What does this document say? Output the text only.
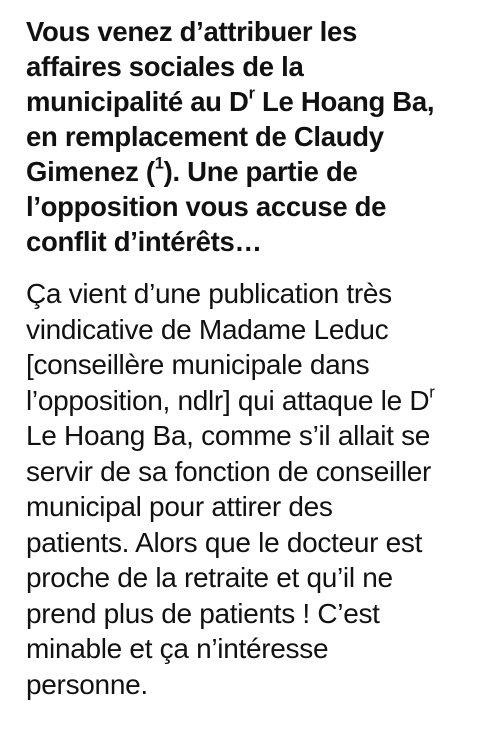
Vous venez d’attribuer les
affaires sociales de la
municipalité au $D^r$ Le Hoang Ba,
en remplacement de Claudy
Gimenez ($^1$). Une partie de
l’opposition vous accuse de
conflit d’intérêts…

Ça vient d’une publication très
vindicative de Madame Leduc
[conseillère municipale dans
l’opposition, ndlr] qui attaque le $D^r$
Le Hoang Ba, comme s’il allait se
servir de sa fonction de conseiller
municipal pour attirer des
patients. Alors que le docteur est
proche de la retraite et qu’il ne
prend plus de patients ! C’est
minable et ça n’intéresse
personne.
